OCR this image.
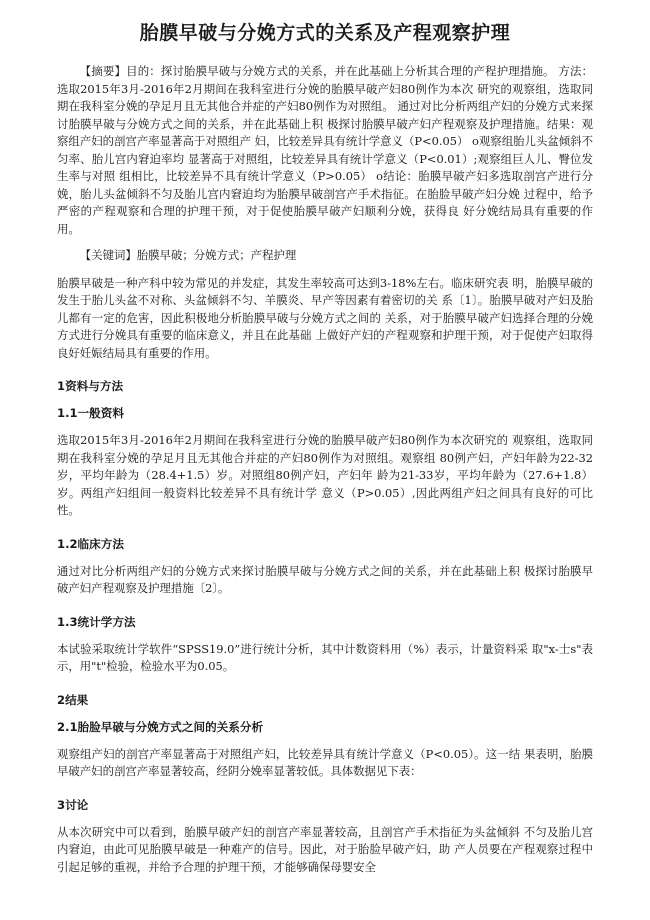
胎膜早破与分娩方式的关系及产程观察护理

【摘要】目的：探讨胎膜早破与分娩方式的关系，并在此基础上分析其合理的产程护理措施。 方法：选取2015年3月-2016年2月期间在我科室进行分娩的胎膜早破产妇80例作为本次 研究的观察组，选取同期在我科室分娩的孕足月且无其他合并症的产妇80例作为对照组。 通过对比分析两组产妇的分娩方式来探讨胎膜早破与分娩方式之间的关系，并在此基础上积 极探讨胎膜早破产妇产程观察及护理措施。结果：观察组产妇的剖宫产率显著高于对照组产 妇，比较差异具有统计学意义（P<0.05） o观察组胎儿头盆倾斜不匀率、胎儿宫内窘迫率均 显著高于对照组，比较差异具有统计学意义（P<0.01）;观察组巨人儿、臀位发生率与对照 组相比，比较差异不具有统计学意义（P>0.05） o结论：胎膜早破产妇多选取剖宫产进行分 娩，胎儿头盆倾斜不匀及胎儿宫内窘迫均为胎膜早破剖宫产手术指征。在胎脸早破产妇分娩 过程中，给予严密的产程观察和合理的护理干预，对于促使胎膜早破产妇顺利分娩，获得良 好分娩结局具有重要的作用。

【关键词】胎膜早破；分娩方式；产程护理

胎膜早破是一种产科中较为常见的并发症，其发生率较高可达到3-18%左右。临床研究表 明，胎膜早破的发生于胎儿头盆不对称、头盆倾斜不匀、羊膜炎、早产等因素有着密切的关 系〔1〕。胎膜早破对产妇及胎儿都有一定的危害，因此积极地分析胎膜早破与分娩方式之间的 关系，对于胎膜早破产妇选择合理的分娩方式进行分娩具有重要的临床意义，并且在此基础 上做好产妇的产程观察和护理干预，对于促使产妇取得良好妊娠结局具有重要的作用。

1资料与方法
1.1一般资料

选取2015年3月-2016年2月期间在我科室进行分娩的胎膜早破产妇80例作为本次研究的 观察组，选取同期在我科室分娩的孕足月且无其他合并症的产妇80例作为对照组。观察组 80例产妇，产妇年龄为22-32岁，平均年龄为（28.4+1.5）岁。对照组80例产妇，产妇年 龄为21-33岁，平均年龄为（27.6+1.8）岁。两组产妇组间一般资料比较差异不具有统计学 意义（P>0.05）,因此两组产妇之间具有良好的可比性。

1.2临床方法

通过对比分析两组产妇的分娩方式来探讨胎膜早破与分娩方式之间的关系，并在此基础上积 极探讨胎膜早破产妇产程观察及护理措施〔2〕。

1.3统计学方法

本试验采取统计学软件“SPSS19.0”进行统计分析，其中计数资料用（%）表示，计量资料采 取"x-士s"表示，用"t"检验，检验水平为0.05。

2结果
2.1胎脸早破与分娩方式之间的关系分析

观察组产妇的剖宫产率显著高于对照组产妇，比较差异具有统计学意义（P<0.05）。这一结 果表明，胎膜早破产妇的剖宫产率显著较高，经阴分娩率显著较低。具体数据见下表：

3讨论

从本次研究中可以看到，胎膜早破产妇的剖宫产率显著较高，且剖宫产手术指征为头盆倾斜 不匀及胎儿宫内窘迫，由此可见胎膜早破是一种难产的信号。因此，对于胎脸早破产妇，助 产人员要在产程观察过程中引起足够的重视，并给予合理的护理干预，才能够确保母婴安全
